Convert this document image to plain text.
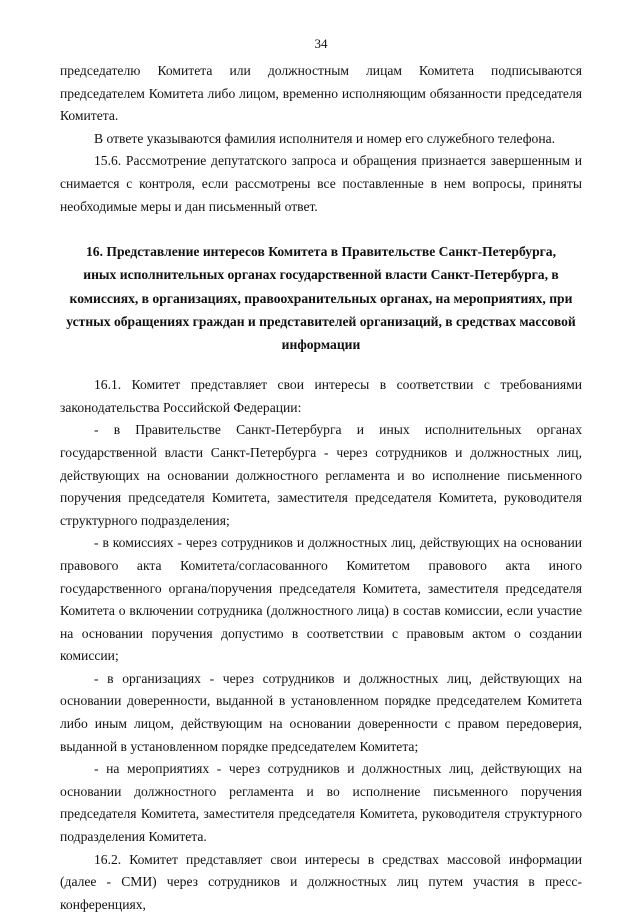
34

председателю Комитета или должностным лицам Комитета подписываются председателем Комитета либо лицом, временно исполняющим обязанности председателя Комитета.

В ответе указываются фамилия исполнителя и номер его служебного телефона.

15.6. Рассмотрение депутатского запроса и обращения признается завершенным и снимается с контроля, если рассмотрены все поставленные в нем вопросы, приняты необходимые меры и дан письменный ответ.

16. Представление интересов Комитета в Правительстве Санкт-Петербурга,
иных исполнительных органах государственной власти Санкт-Петербурга, в
комиссиях, в организациях, правоохранительных органах, на мероприятиях, при
устных обращениях граждан и представителей организаций, в средствах массовой
информации

16.1. Комитет представляет свои интересы в соответствии с требованиями законодательства Российской Федерации:

- в Правительстве Санкт-Петербурга и иных исполнительных органах государственной власти Санкт-Петербурга - через сотрудников и должностных лиц, действующих на основании должностного регламента и во исполнение письменного поручения председателя Комитета, заместителя председателя Комитета, руководителя структурного подразделения;

- в комиссиях - через сотрудников и должностных лиц, действующих на основании правового акта Комитета/согласованного Комитетом правового акта иного государственного органа/поручения председателя Комитета, заместителя председателя Комитета о включении сотрудника (должностного лица) в состав комиссии, если участие на основании поручения допустимо в соответствии с правовым актом о создании комиссии;

- в организациях - через сотрудников и должностных лиц, действующих на основании доверенности, выданной в установленном порядке председателем Комитета либо иным лицом, действующим на основании доверенности с правом передоверия, выданной в установленном порядке председателем Комитета;

- на мероприятиях - через сотрудников и должностных лиц, действующих на основании должностного регламента и во исполнение письменного поручения председателя Комитета, заместителя председателя Комитета, руководителя структурного подразделения Комитета.

16.2. Комитет представляет свои интересы в средствах массовой информации (далее - СМИ) через сотрудников и должностных лиц путем участия в пресс-конференциях,
